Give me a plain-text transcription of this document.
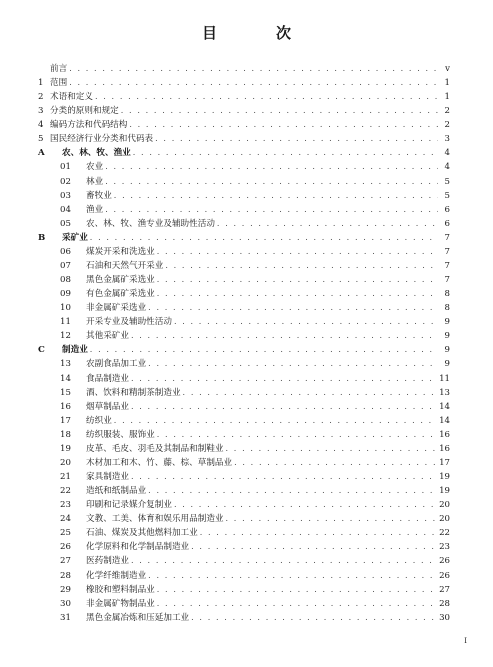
目　次
前言 . . .	v
1 范围 . . .	1
2 术语和定义 . . .	1
3 分类的原则和规定 . . .	2
4 编码方法和代码结构 . . .	2
5 国民经济行业分类和代码表 . . .	3
A	农、林、牧、渔业 . . .	4
01	农业 . . .	4
02	林业 . . .	5
03	畜牧业 . . .	5
04	渔业 . . .	6
05	农、林、牧、渔专业及辅助性活动 . . .	6
B	采矿业 . . .	7
06	煤炭开采和洗选业 . . .	7
07	石油和天然气开采业 . . .	7
08	黑色金属矿采选业 . . .	7
09	有色金属矿采选业 . . .	8
10	非金属矿采选业 . . .	8
11	开采专业及辅助性活动 . . .	9
12	其他采矿业 . . .	9
C	制造业 . . .	9
13	农副食品加工业 . . .	9
14	食品制造业 . . .	11
15	酒、饮料和精制茶制造业 . . .	13
16	烟草制品业 . . .	14
17	纺织业 . . .	14
18	纺织服装、服饰业 . . .	16
19	皮革、毛皮、羽毛及其制品和制鞋业 . . .	16
20	木材加工和木、竹、藤、棕、草制品业 . . .	17
21	家具制造业 . . .	19
22	造纸和纸制品业 . . .	19
23	印刷和记录媒介复制业 . . .	20
24	文教、工美、体育和娱乐用品制造业 . . .	20
25	石油、煤炭及其他燃料加工业 . . .	22
26	化学原料和化学制品制造业 . . .	23
27	医药制造业 . . .	26
28	化学纤维制造业 . . .	26
29	橡胶和塑料制品业 . . .	27
30	非金属矿物制品业 . . .	28
31	黑色金属冶炼和压延加工业 . . .	30
I
